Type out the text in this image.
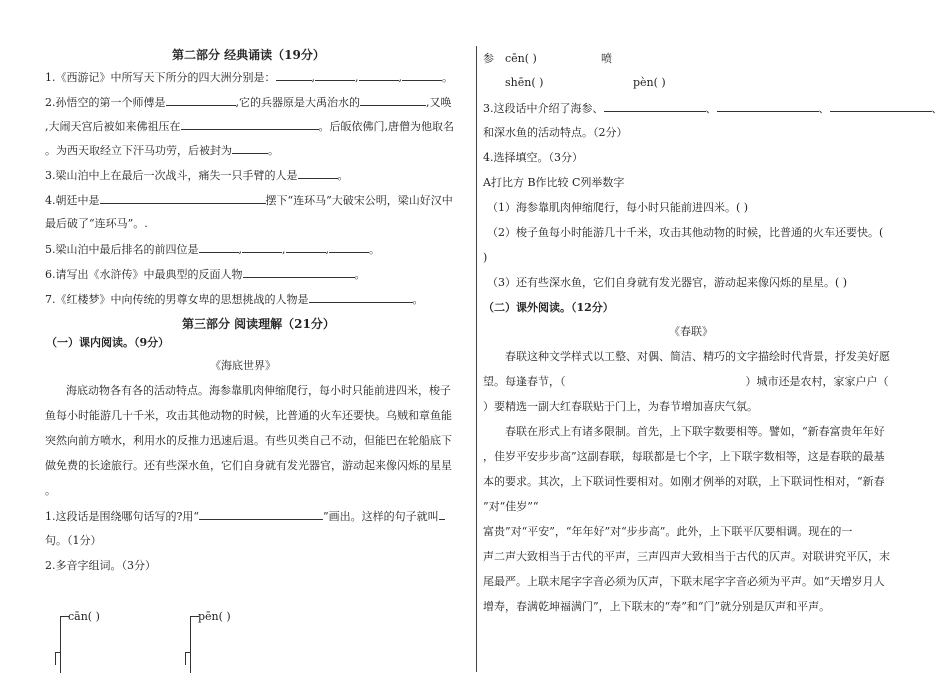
第二部分 经典诵读（19分）
1.《西游记》中所写天下所分的四大洲分别是：	,	,	,	。
2.孙悟空的第一个师傅是	,它的兵器原是大禹治水的	,又唤
,大闹天宫后被如来佛祖压在	。后皈依佛门,唐僧为他取名
。为西天取经立下汗马功劳，后被封为	。
3.梁山泊中上在最后一次战斗，痛失一只手臂的人是	。
4.朝廷中是	摆下“连环马”大破宋公明，梁山好汉中
最后破了“连环马”。.
5.梁山泊中最后排名的前四位是	,	,	,	。
6.请写出《水浒传》中最典型的反面人物	。
7.《红楼梦》中向传统的男尊女卑的思想挑战的人物是	。
第三部分 阅读理解（21分）
（一）课内阅读。（9分）
《海底世界》
海底动物各有各的活动特点。海参靠肌肉伸缩爬行，每小时只能前进四米，梭子
鱼每小时能游几十千米，攻击其他动物的时候，比普通的火车还要快。乌贼和章鱼能
突然向前方喷水，利用水的反推力迅速后退。有些贝类自己不动，但能巴在轮船底下
做免费的长途旅行。还有些深水鱼，它们自身就有发光器官，游动起来像闪烁的星星
。
1.这段话是围绕哪句话写的?用“	”画出。这样的句子就叫
句。（1分）
2.多音字组词。（3分）
cān( )	pēn( )
参 cēn( )	喷
shēn( )	pèn( )
3.这段话中介绍了海参、	、	、	、
和深水鱼的活动特点。（2分）
4.选择填空。（3分）
A打比方 B作比较 C列举数字
（1）海参靠肌肉伸缩爬行，每小时只能前进四米。( )
（2）梭子鱼每小时能游几十千米，攻击其他动物的时候，比普通的火车还要快。(
)
（3）还有些深水鱼，它们自身就有发光器官，游动起来像闪烁的星星。( )
（二）课外阅读。（12分）
《春联》
春联这种文学样式以工整、对偶、简洁、精巧的文字描绘时代背景，抒发美好愿
望。每逢春节，（	）城市还是农村，家家户户（
）要精选一副大红春联贴于门上，为春节增加喜庆气氛。
春联在形式上有诸多限制。首先，上下联字数要相等。譬如，“新春富贵年年好
，佳岁平安步步高”这副春联，每联都是七个字，上下联字数相等，这是春联的最基
本的要求。其次，上下联词性要相对。如刚才例举的对联，上下联词性相对，“新春
”对“佳岁”“
富贵”对“平安”，“年年好”对“步步高”。此外，上下联平仄要相调。现在的一
声二声大致相当于古代的平声，三声四声大致相当于古代的仄声。对联讲究平仄，末
尾最严。上联末尾字字音必须为仄声，下联末尾字字音必须为平声。如“天增岁月人
增寿，春满乾坤福满门”，上下联末的“寿”和“门”就分别是仄声和平声。
